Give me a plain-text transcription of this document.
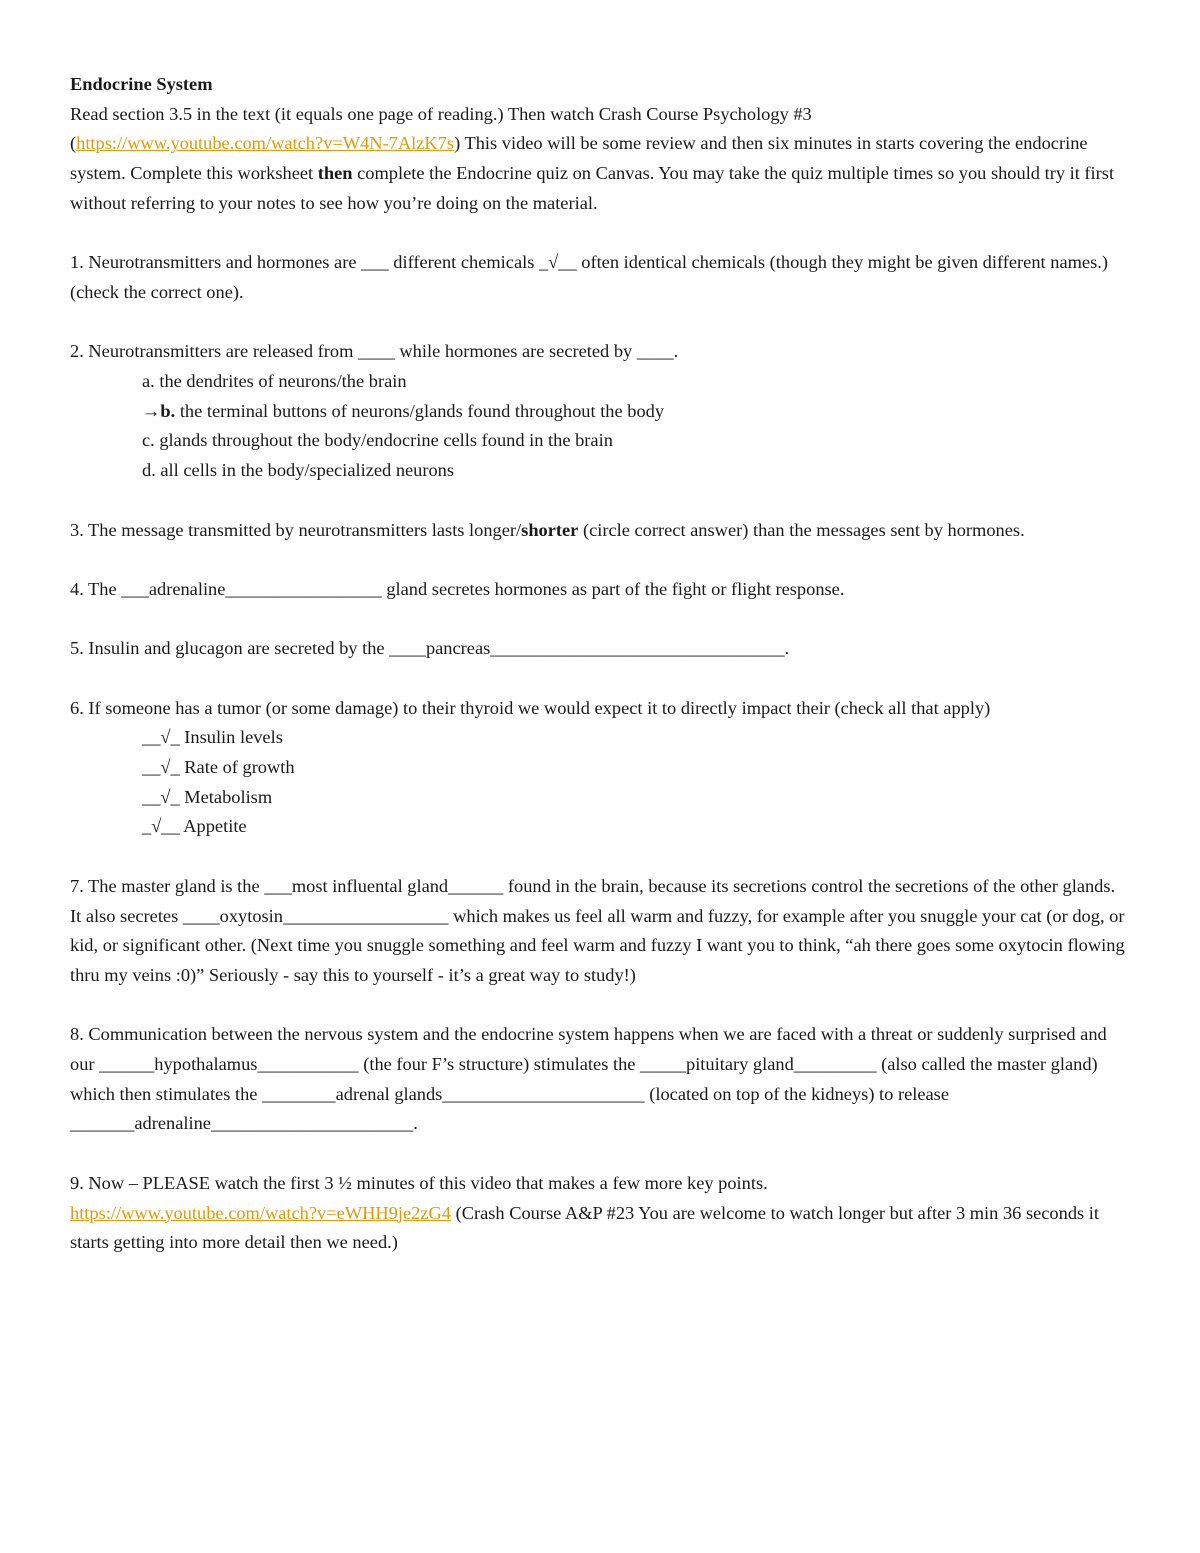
Endocrine System

Read section 3.5 in the text (it equals one page of reading.) Then watch Crash Course Psychology #3
(https://www.youtube.com/watch?v=W4N-7AlzK7s) This video will be some review and then six minutes in starts covering the endocrine system. Complete this worksheet then complete the Endocrine quiz on Canvas. You may take the quiz multiple times so you should try it first without referring to your notes to see how you’re doing on the material.

1. Neurotransmitters and hormones are ___ different chemicals _√__ often identical chemicals (though they might be given different names.) (check the correct one).

2. Neurotransmitters are released from ____ while hormones are secreted by ____.

a. the dendrites of neurons/the brain

→b. the terminal buttons of neurons/glands found throughout the body

c. glands throughout the body/endocrine cells found in the brain

d. all cells in the body/specialized neurons

3. The message transmitted by neurotransmitters lasts longer/shorter (circle correct answer) than the messages sent by hormones.

4. The ___adrenaline_________________ gland secretes hormones as part of the fight or flight response.

5. Insulin and glucagon are secreted by the ____pancreas________________________________.

6. If someone has a tumor (or some damage) to their thyroid we would expect it to directly impact their (check all that apply)

__√_ Insulin levels

__√_ Rate of growth

__√_ Metabolism

_√__ Appetite

7. The master gland is the ___most influental gland______ found in the brain, because its secretions control the secretions of the other glands. It also secretes ____oxytosin__________________ which makes us feel all warm and fuzzy, for example after you snuggle your cat (or dog, or kid, or significant other. (Next time you snuggle something and feel warm and fuzzy I want you to think, “ah there goes some oxytocin flowing thru my veins :0)” Seriously - say this to yourself - it’s a great way to study!)

8. Communication between the nervous system and the endocrine system happens when we are faced with a threat or suddenly surprised and our ______hypothalamus___________ (the four F’s structure) stimulates the _____pituitary gland_________ (also called the master gland) which then stimulates the ________adrenal glands______________________ (located on top of the kidneys) to release _______adrenaline______________________.

9. Now – PLEASE watch the first 3 ½ minutes of this video that makes a few more key points.
https://www.youtube.com/watch?v=eWHH9je2zG4 (Crash Course A&P #23 You are welcome to watch longer but after 3 min 36 seconds it starts getting into more detail then we need.)
